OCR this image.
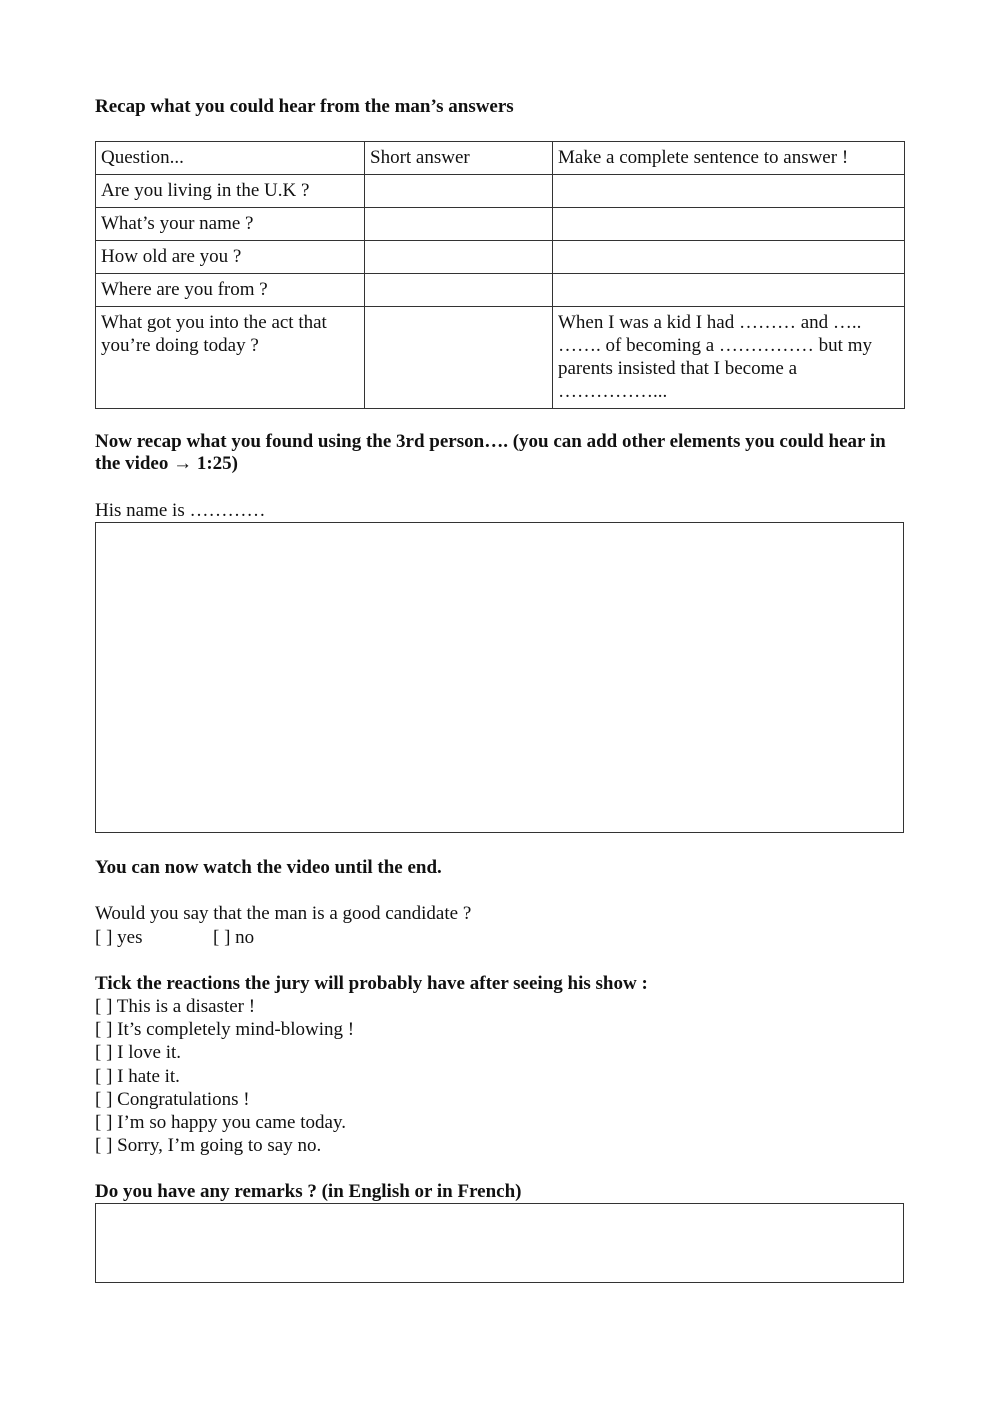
Recap what you could hear from the man’s answers
Question...	Short answer	Make a complete sentence to answer !
Are you living in the U.K ?		
What’s your name ?		
How old are you ?		
Where are you from ?		
What got you into the act that you’re doing today ?		When I was a kid I had ……… and ….. ……. of becoming a …………… but my parents insisted that I become a ……………...
Now recap what you found using the 3rd person…. (you can add other elements you could hear in the video → 1:25)
His name is …………
You can now watch the video until the end.
Would you say that the man is a good candidate ?
[ ] yes	[ ] no
Tick the reactions the jury will probably have after seeing his show :
[ ] This is a disaster !
[ ] It’s completely mind-blowing !
[ ] I love it.
[ ] I hate it.
[ ] Congratulations !
[ ] I’m so happy you came today.
[ ] Sorry, I’m going to say no.
Do you have any remarks ? (in English or in French)
